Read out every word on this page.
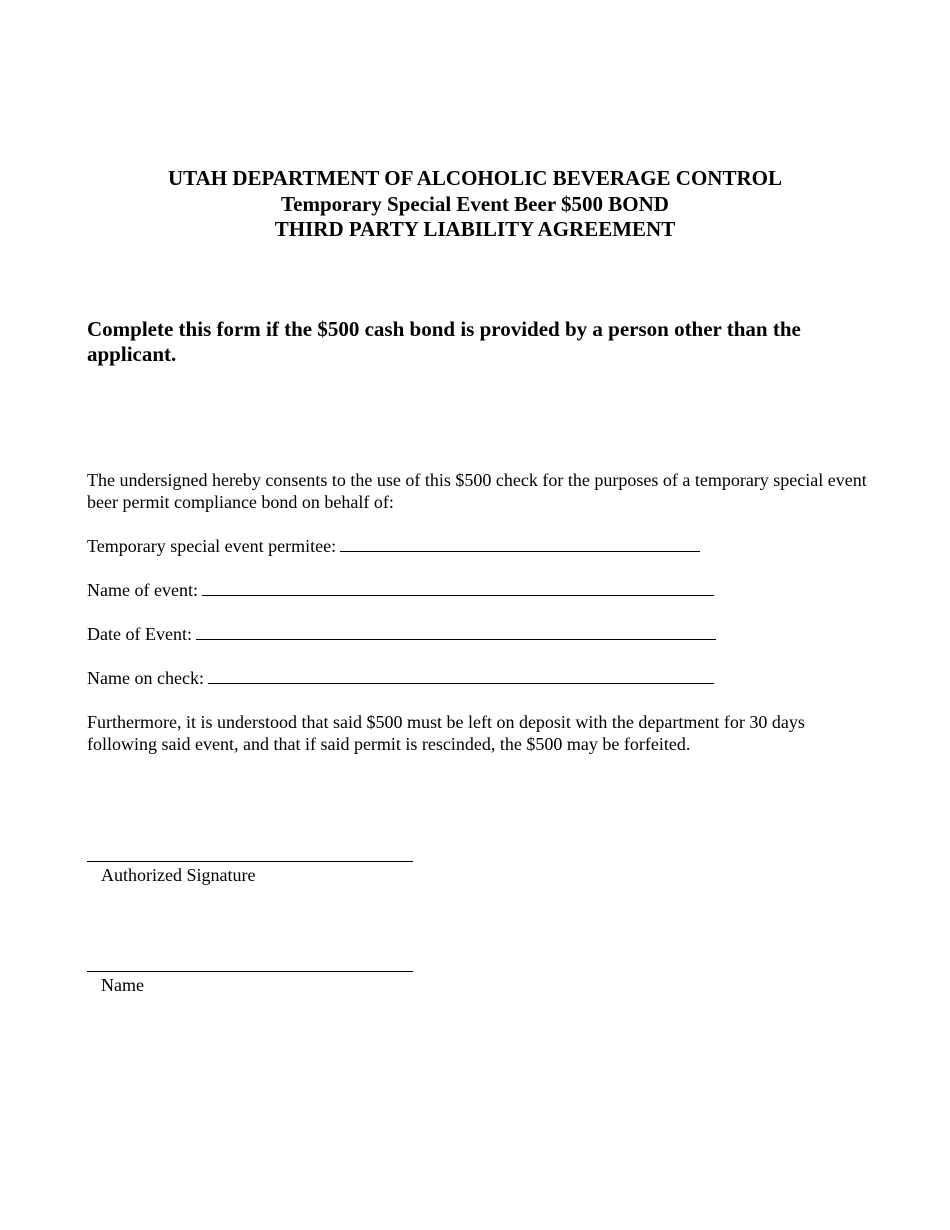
UTAH DEPARTMENT OF ALCOHOLIC BEVERAGE CONTROL
Temporary Special Event Beer $500 BOND
THIRD PARTY LIABILITY AGREEMENT

Complete this form if the $500 cash bond is provided by a person other than the applicant.

The undersigned hereby consents to the use of this $500 check for the purposes of a temporary special event beer permit compliance bond on behalf of:

Temporary special event permitee:
Name of event:
Date of Event:
Name on check:

Furthermore, it is understood that said $500 must be left on deposit with the department for 30 days following said event, and that if said permit is rescinded, the $500 may be forfeited.

Authorized Signature
Name
